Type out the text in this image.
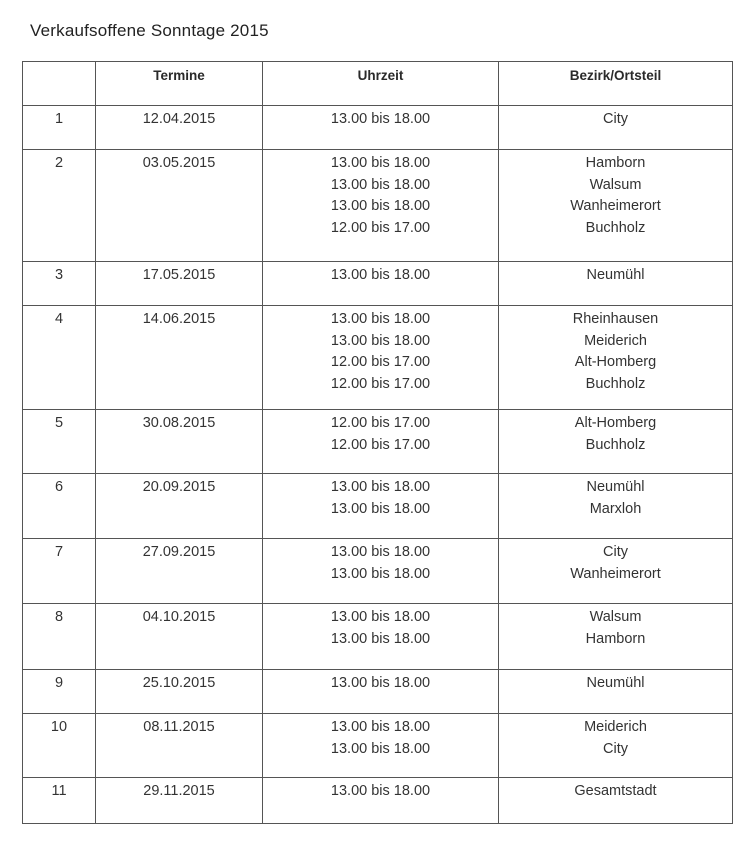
Verkaufsoffene Sonntage 2015
	Termine	Uhrzeit	Bezirk/Ortsteil
1	12.04.2015	13.00 bis 18.00	City

2	03.05.2015	13.00 bis 18.00
13.00 bis 18.00
13.00 bis 18.00
12.00 bis 17.00	Hamborn
Walsum
Wanheimerort
Buchholz

3	17.05.2015	13.00 bis 18.00	Neumühl

4	14.06.2015	13.00 bis 18.00
13.00 bis 18.00
12.00 bis 17.00
12.00 bis 17.00	Rheinhausen
Meiderich
Alt-Homberg
Buchholz

5	30.08.2015	12.00 bis 17.00
12.00 bis 17.00	Alt-Homberg
Buchholz

6	20.09.2015	13.00 bis 18.00
13.00 bis 18.00	Neumühl
Marxloh

7	27.09.2015	13.00 bis 18.00
13.00 bis 18.00	City
Wanheimerort

8	04.10.2015	13.00 bis 18.00
13.00 bis 18.00	Walsum
Hamborn

9	25.10.2015	13.00 bis 18.00	Neumühl

10	08.11.2015	13.00 bis 18.00
13.00 bis 18.00	Meiderich
City

11	29.11.2015	13.00 bis 18.00	Gesamtstadt
